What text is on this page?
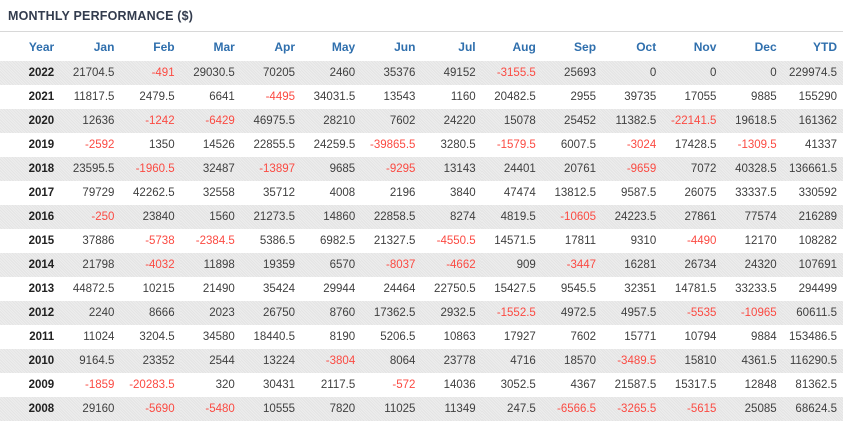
MONTHLY PERFORMANCE ($)
Year	Jan	Feb	Mar	Apr	May	Jun	Jul	Aug	Sep	Oct	Nov	Dec	YTD
2022	21704.5	-491	29030.5	70205	2460	35376	49152	-3155.5	25693	0	0	0	229974.5
2021	11817.5	2479.5	6641	-4495	34031.5	13543	1160	20482.5	2955	39735	17055	9885	155290
2020	12636	-1242	-6429	46975.5	28210	7602	24220	15078	25452	11382.5	-22141.5	19618.5	161362
2019	-2592	1350	14526	22855.5	24259.5	-39865.5	3280.5	-1579.5	6007.5	-3024	17428.5	-1309.5	41337
2018	23595.5	-1960.5	32487	-13897	9685	-9295	13143	24401	20761	-9659	7072	40328.5	136661.5
2017	79729	42262.5	32558	35712	4008	2196	3840	47474	13812.5	9587.5	26075	33337.5	330592
2016	-250	23840	1560	21273.5	14860	22858.5	8274	4819.5	-10605	24223.5	27861	77574	216289
2015	37886	-5738	-2384.5	5386.5	6982.5	21327.5	-4550.5	14571.5	17811	9310	-4490	12170	108282
2014	21798	-4032	11898	19359	6570	-8037	-4662	909	-3447	16281	26734	24320	107691
2013	44872.5	10215	21490	35424	29944	24464	22750.5	15427.5	9545.5	32351	14781.5	33233.5	294499
2012	2240	8666	2023	26750	8760	17362.5	2932.5	-1552.5	4972.5	4957.5	-5535	-10965	60611.5
2011	11024	3204.5	34580	18440.5	8190	5206.5	10863	17927	7602	15771	10794	9884	153486.5
2010	9164.5	23352	2544	13224	-3804	8064	23778	4716	18570	-3489.5	15810	4361.5	116290.5
2009	-1859	-20283.5	320	30431	2117.5	-572	14036	3052.5	4367	21587.5	15317.5	12848	81362.5
2008	29160	-5690	-5480	10555	7820	11025	11349	247.5	-6566.5	-3265.5	-5615	25085	68624.5
